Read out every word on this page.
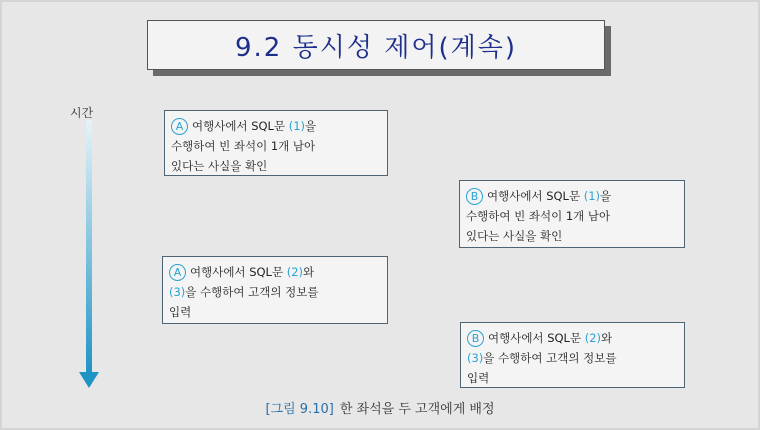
9.2 동시성 제어(계속)
시간
A 여행사에서 SQL문 (1)을
수행하여 빈 좌석이 1개 남아
있다는 사실을 확인
B 여행사에서 SQL문 (1)을
수행하여 빈 좌석이 1개 남아
있다는 사실을 확인
A 여행사에서 SQL문 (2)와
(3)을 수행하여 고객의 정보를
입력
B 여행사에서 SQL문 (2)와
(3)을 수행하여 고객의 정보를
입력
[그림 9.10] 한 좌석을 두 고객에게 배정
